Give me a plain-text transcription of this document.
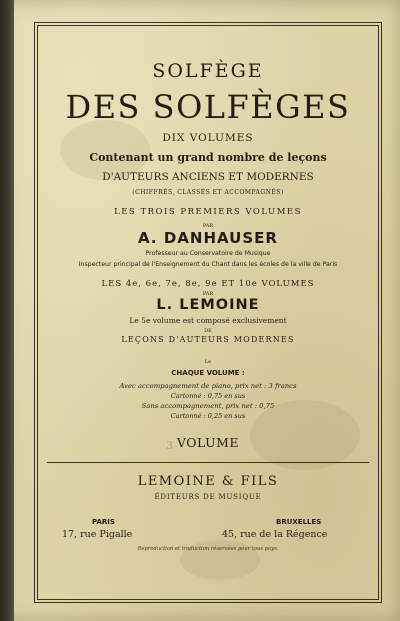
SOLFÈGE
DES SOLFÈGES
DIX VOLUMES
Contenant un grand nombre de leçons
D'AUTEURS ANCIENS ET MODERNES
(CHIFFRÉS, CLASSÉS ET ACCOMPAGNÉS)
LES TROIS PREMIERS VOLUMES
PAR
A. DANHAUSER
Professeur au Conservatoire de Musique
Inspecteur principal de l'Enseignement du Chant dans les écoles de la ville de Paris
LES 4e, 6e, 7e, 8e, 9e ET 10e VOLUMES
PAR
L. LEMOINE
Le 5e volume est composé exclusivement
DE
LEÇONS D'AUTEURS MODERNES
Le
CHAQUE VOLUME :
Avec accompagnement de piano, prix net : 3 francs
Cartonné : 0,75 en sus
Sans accompagnement, prix net : 0,75
Cartonné : 0,25 en sus
3 VOLUME
LEMOINE & FILS
ÉDITEURS DE MUSIQUE
PARIS
17, rue Pigalle
BRUXELLES
45, rue de la Régence
Reproduction et traduction réservées pour tous pays.
